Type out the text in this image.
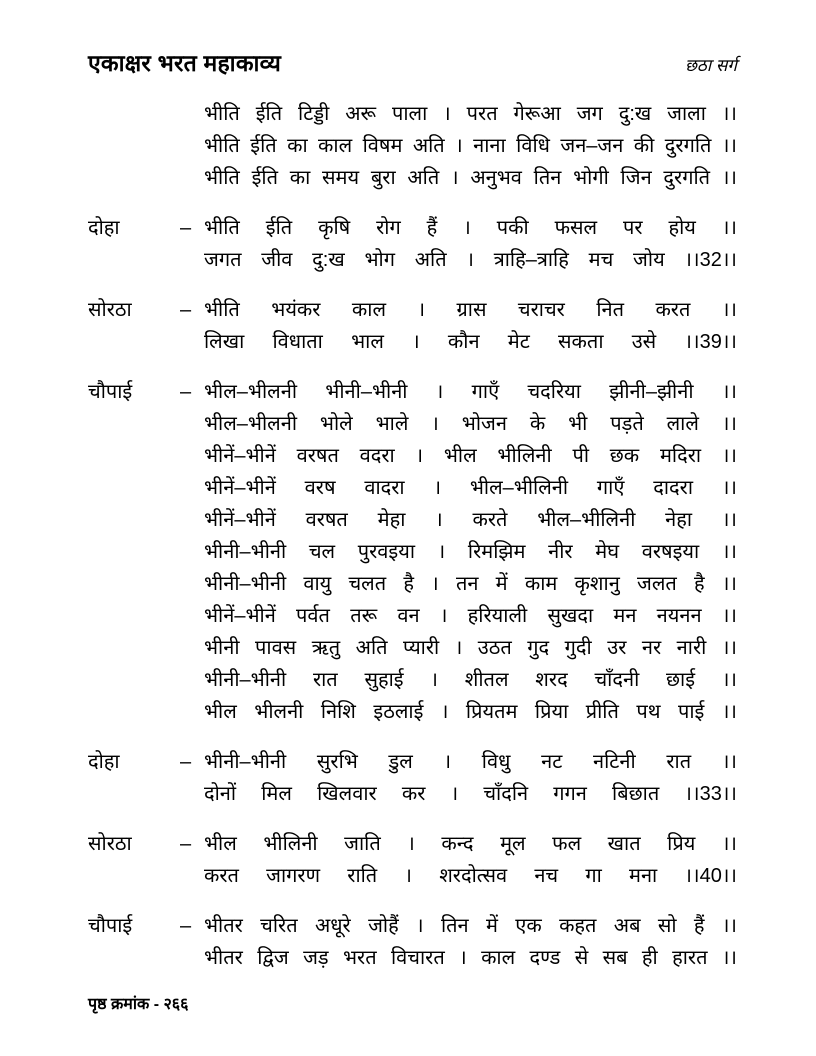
एकाक्षर भरत महाकाव्य	छठा सर्ग
भीति ईति टिड्डी अरू पाला । परत गेरूआ जग दु:ख जाला ।।
भीति ईति का काल विषम अति । नाना विधि जन–जन की दुरगति ।।
भीति ईति का समय बुरा अति । अनुभव तिन भोगी जिन दुरगति ।।
दोहा	– भीति ईति कृषि रोग हैं । पकी फसल पर होय ।।
जगत जीव दु:ख भोग अति । त्राहि–त्राहि मच जोय ।।32।।
सोरठा	– भीति भयंकर काल । ग्रास चराचर नित करत ।।
लिखा विधाता भाल । कौन मेट सकता उसे ।।39।।
चौपाई	– भील–भीलनी भीनी–भीनी । गाएँ चदरिया झीनी–झीनी ।।
भील–भीलनी भोले भाले । भोजन के भी पड़ते लाले ।।
भीनें–भीनें वरषत वदरा । भील भीलिनी पी छक मदिरा ।।
भीनें–भीनें वरष वादरा । भील–भीलिनी गाएँ दादरा ।।
भीनें–भीनें वरषत मेहा । करते भील–भीलिनी नेहा ।।
भीनी–भीनी चल पुरवइया । रिमझिम नीर मेघ वरषइया ।।
भीनी–भीनी वायु चलत है । तन में काम कृशानु जलत है ।।
भीनें–भीनें पर्वत तरू वन । हरियाली सुखदा मन नयनन ।।
भीनी पावस ऋतु अति प्यारी । उठत गुद गुदी उर नर नारी ।।
भीनी–भीनी रात सुहाई । शीतल शरद चाँदनी छाई ।।
भील भीलनी निशि इठलाई । प्रियतम प्रिया प्रीति पथ पाई ।।
दोहा	– भीनी–भीनी सुरभि डुल । विधु नट नटिनी रात ।।
दोनों मिल खिलवार कर । चाँदनि गगन बिछात ।।33।।
सोरठा	– भील भीलिनी जाति । कन्द मूल फल खात प्रिय ।।
करत जागरण राति । शरदोत्सव नच गा मना ।।40।।
चौपाई	– भीतर चरित अधूरे जोहैं । तिन में एक कहत अब सो हैं ।।
भीतर द्विज जड़ भरत विचारत । काल दण्ड से सब ही हारत ।।
पृष्ठ क्रमांक - २६६
